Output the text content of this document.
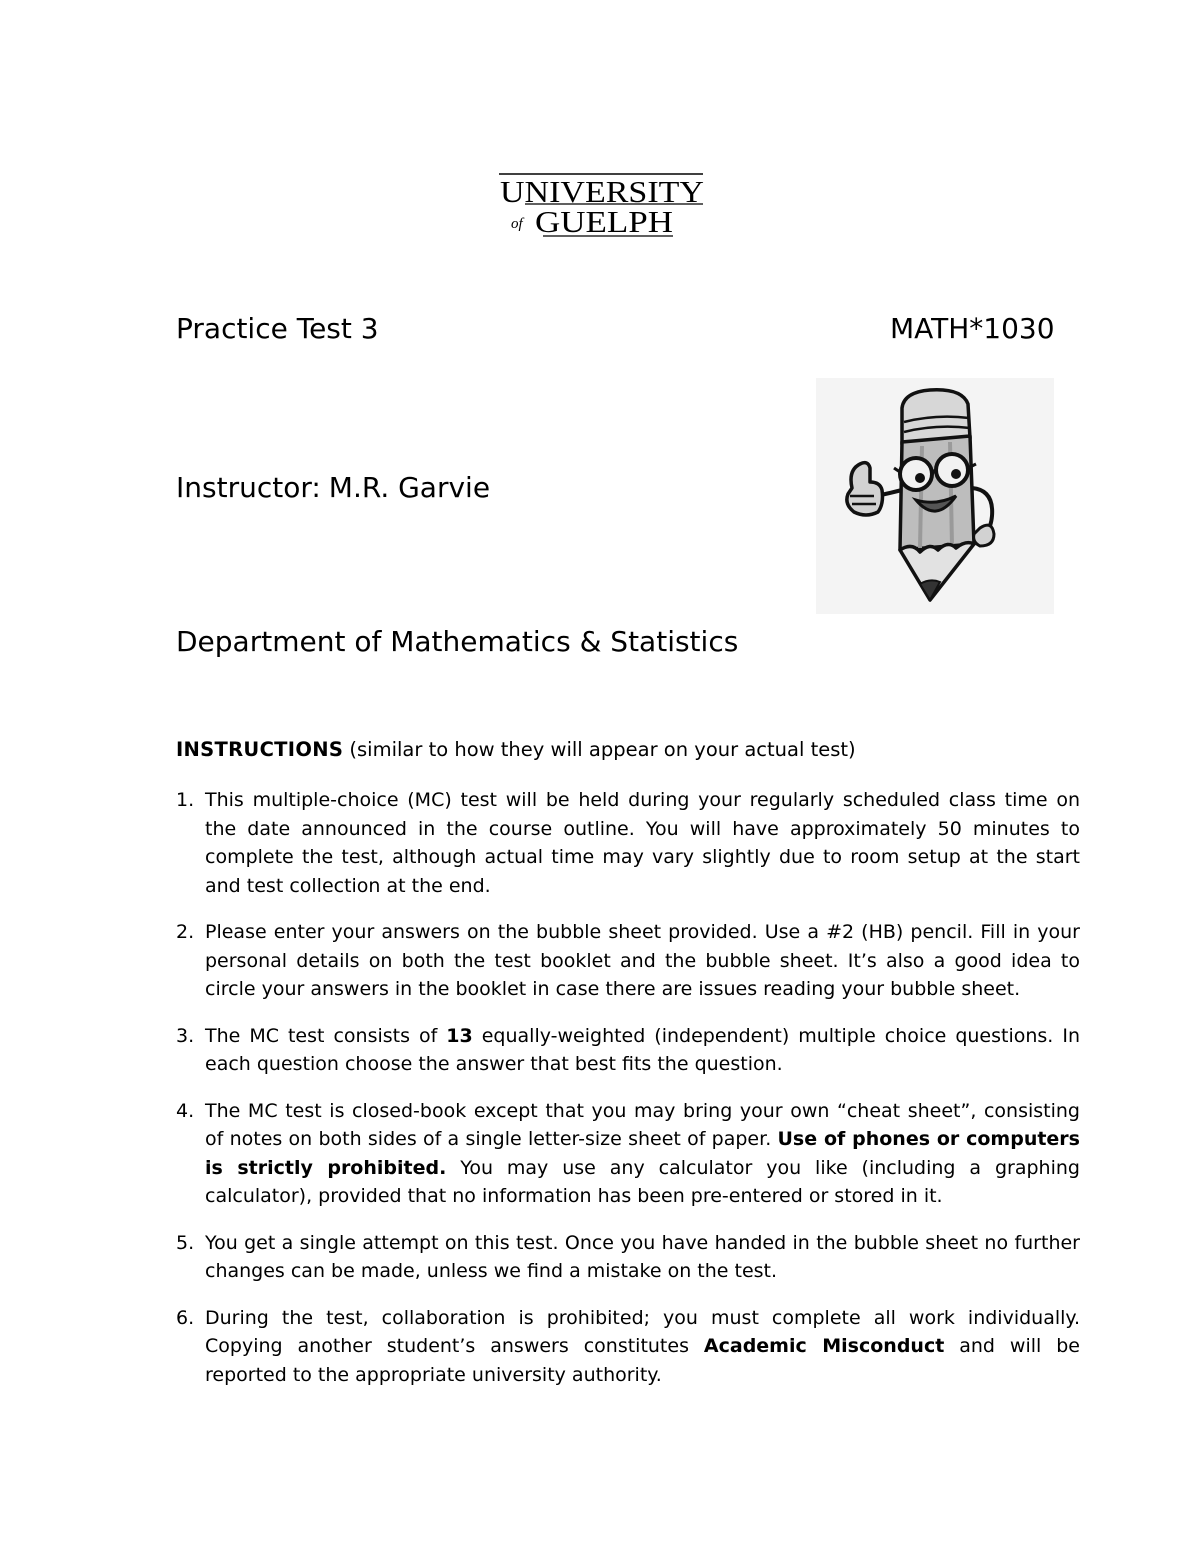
UNIVERSITY
of GUELPH
Practice Test 3	MATH*1030
Instructor: M.R. Garvie
Department of Mathematics & Statistics
INSTRUCTIONS (similar to how they will appear on your actual test)
1. This multiple-choice (MC) test will be held during your regularly scheduled class time on the date announced in the course outline. You will have approximately 50 minutes to complete the test, although actual time may vary slightly due to room setup at the start and test collection at the end.
2. Please enter your answers on the bubble sheet provided. Use a #2 (HB) pencil. Fill in your personal details on both the test booklet and the bubble sheet. It’s also a good idea to circle your answers in the booklet in case there are issues reading your bubble sheet.
3. The MC test consists of 13 equally-weighted (independent) multiple choice questions. In each question choose the answer that best fits the question.
4. The MC test is closed-book except that you may bring your own “cheat sheet”, consisting of notes on both sides of a single letter-size sheet of paper. Use of phones or computers is strictly prohibited. You may use any calculator you like (including a graphing calculator), provided that no information has been pre-entered or stored in it.
5. You get a single attempt on this test. Once you have handed in the bubble sheet no further changes can be made, unless we find a mistake on the test.
6. During the test, collaboration is prohibited; you must complete all work individually. Copying another student’s answers constitutes Academic Misconduct and will be reported to the appropriate university authority.
